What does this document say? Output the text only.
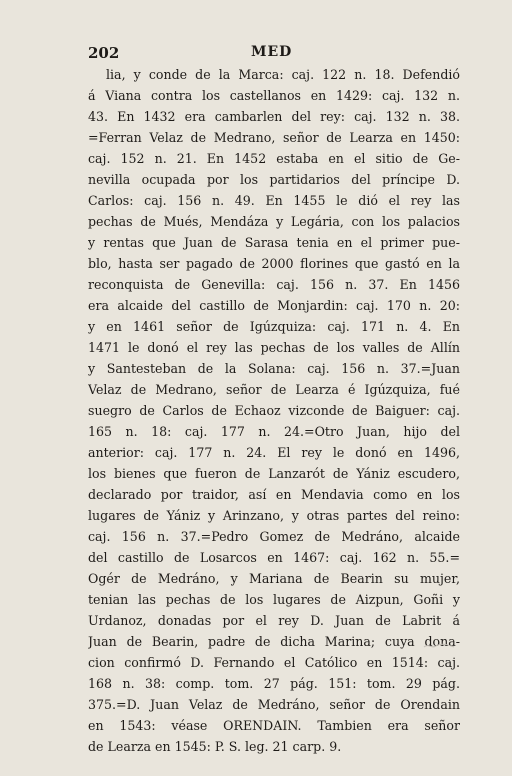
202	MED
lia, y conde de la Marca: caj. 122 n. 18. Defendió
á Viana contra los castellanos en 1429: caj. 132 n.
43. En 1432 era cambarlen del rey: caj. 132 n. 38.
=Ferran Velaz de Medrano, señor de Learza en 1450:
caj. 152 n. 21. En 1452 estaba en el sitio de Ge-
nevilla ocupada por los partidarios del príncipe D.
Carlos: caj. 156 n. 49. En 1455 le dió el rey las
pechas de Mués, Mendáza y Legária, con los palacios
y rentas que Juan de Sarasa tenia en el primer pue-
blo, hasta ser pagado de 2000 florines que gastó en la
reconquista de Genevilla: caj. 156 n. 37. En 1456
era alcaide del castillo de Monjardin: caj. 170 n. 20:
y en 1461 señor de Igúzquiza: caj. 171 n. 4. En
1471 le donó el rey las pechas de los valles de Allín
y Santesteban de la Solana: caj. 156 n. 37.=Juan
Velaz de Medrano, señor de Learza é Igúzquiza, fué
suegro de Carlos de Echaoz vizconde de Baiguer: caj.
165 n. 18: caj. 177 n. 24.=Otro Juan, hijo del
anterior: caj. 177 n. 24. El rey le donó en 1496,
los bienes que fueron de Lanzarót de Yániz escudero,
declarado por traidor, así en Mendavia como en los
lugares de Yániz y Arinzano, y otras partes del reino:
caj. 156 n. 37.=Pedro Gomez de Medráno, alcaide
del castillo de Losarcos en 1467: caj. 162 n. 55.=
Ogér de Medráno, y Mariana de Bearin su mujer,
tenian las pechas de los lugares de Aizpun, Goñi y
Urdanoz, donadas por el rey D. Juan de Labrit á
Juan de Bearin, padre de dicha Marina; cuya dona-
cion confirmó D. Fernando el Católico en 1514: caj.
168 n. 38: comp. tom. 27 pág. 151: tom. 29 pág.
375.=D. Juan Velaz de Medráno, señor de Orendain
en 1543: véase ORENDAIN. Tambien era señor
de Learza en 1545: P. S. leg. 21 carp. 9.
